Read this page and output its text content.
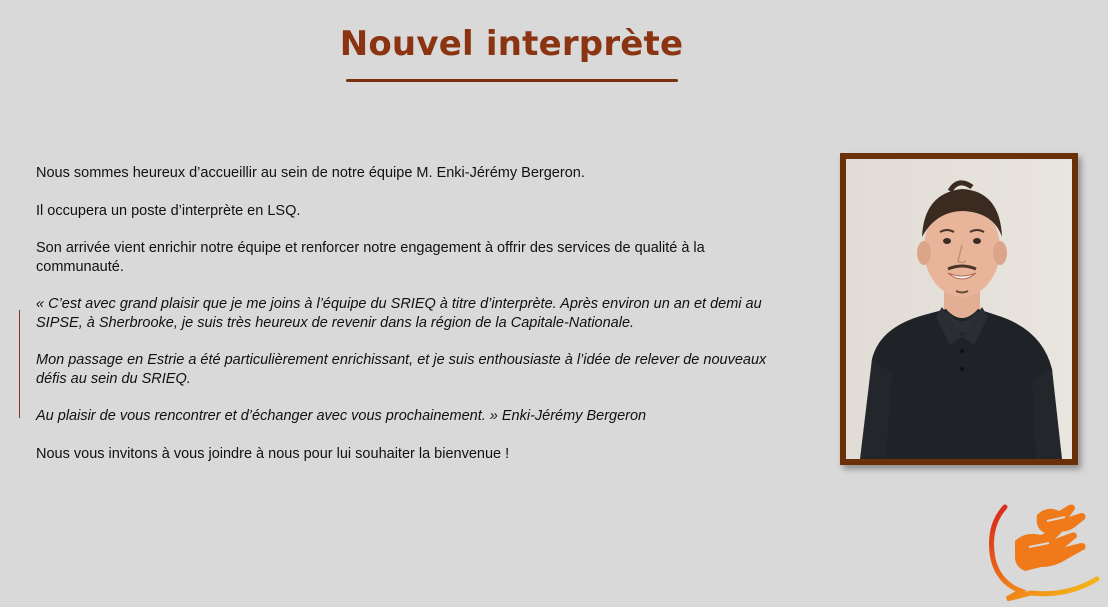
Nouvel interprète

Nous sommes heureux d’accueillir au sein de notre équipe M. Enki-Jérémy Bergeron.

Il occupera un poste d’interprète en LSQ.

Son arrivée vient enrichir notre équipe et renforcer notre engagement à offrir des services de qualité à la communauté.

« C’est avec grand plaisir que je me joins à l’équipe du SRIEQ à titre d’interprète. Après environ un an et demi au SIPSE, à Sherbrooke, je suis très heureux de revenir dans la région de la Capitale-Nationale.

Mon passage en Estrie a été particulièrement enrichissant, et je suis enthousiaste à l’idée de relever de nouveaux défis au sein du SRIEQ.

Au plaisir de vous rencontrer et d’échanger avec vous prochainement. » Enki-Jérémy Bergeron

Nous vous invitons à vous joindre à nous pour lui souhaiter la bienvenue !
